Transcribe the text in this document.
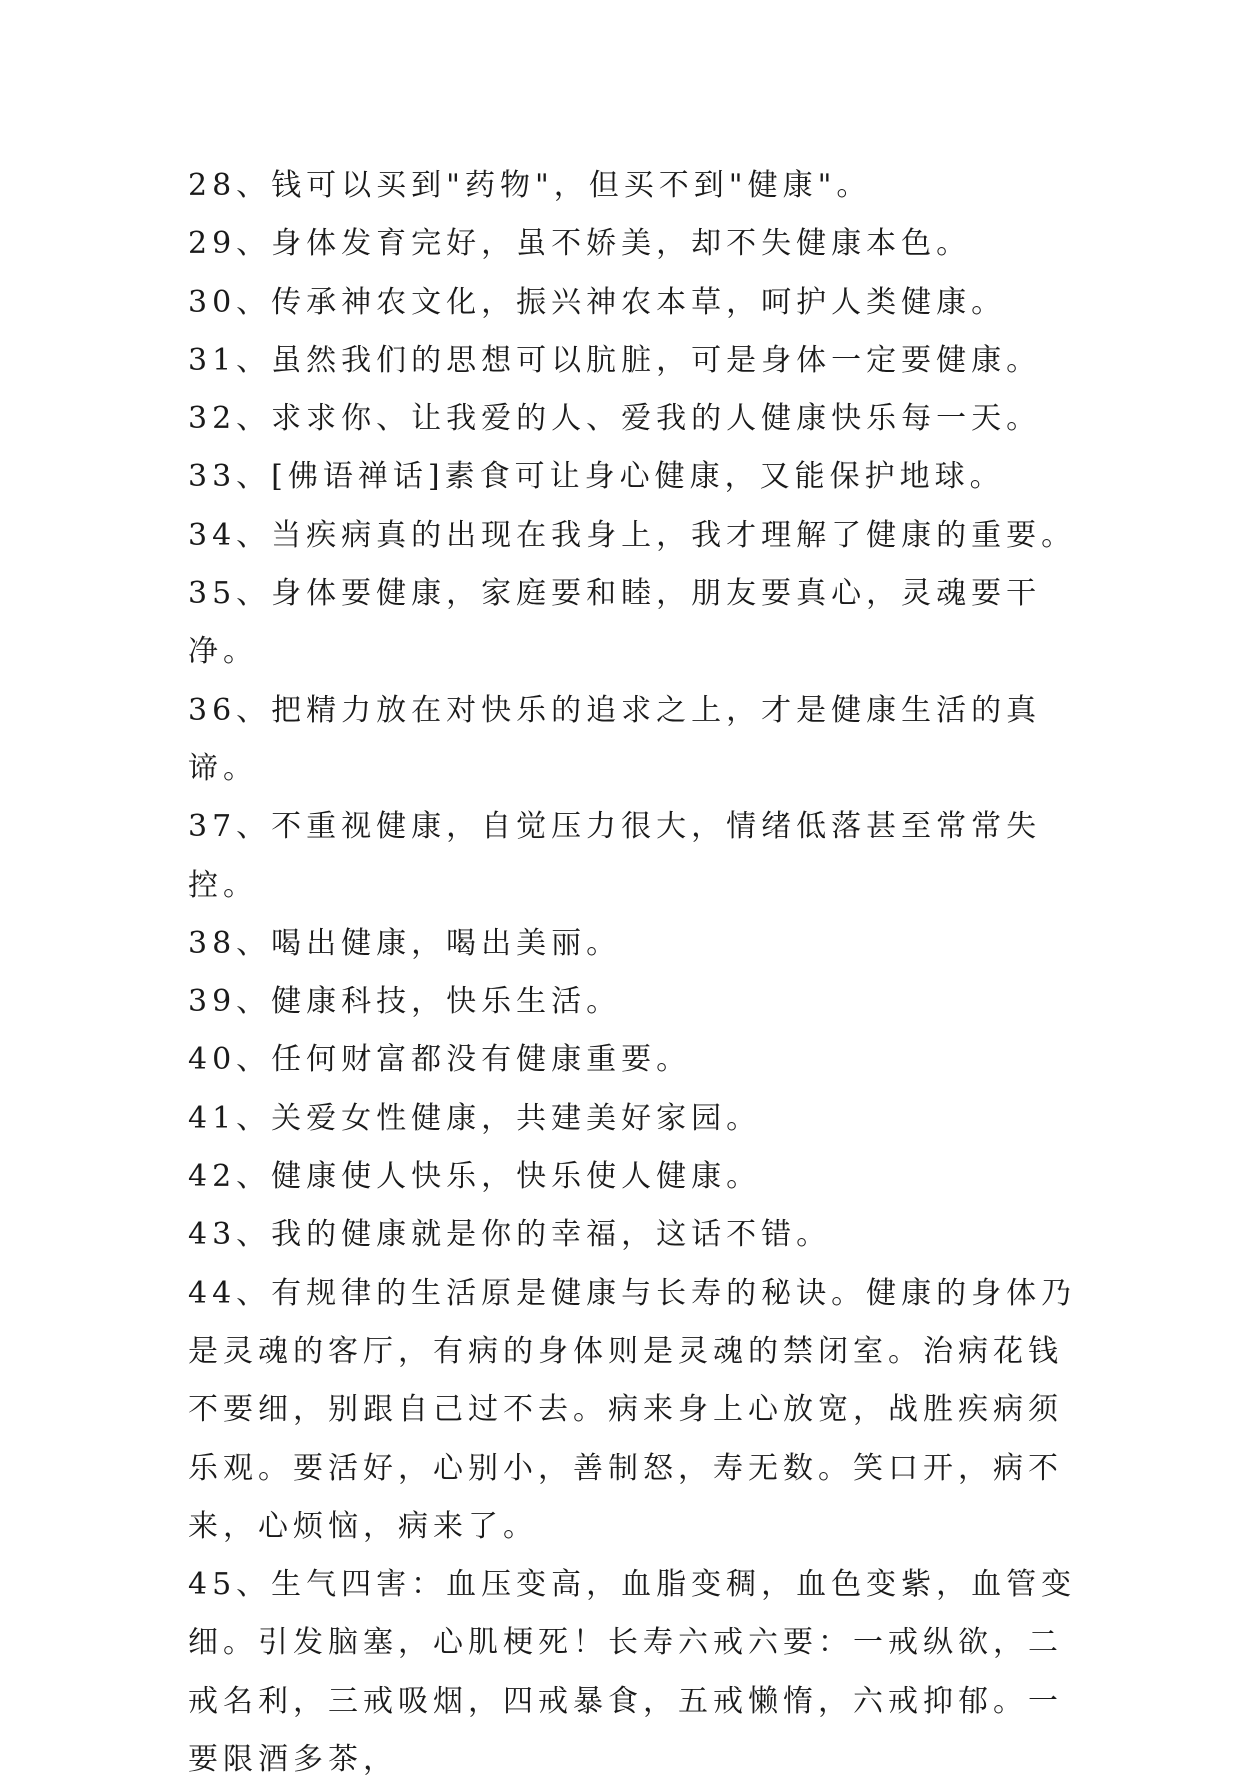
28、钱可以买到"药物"，但买不到"健康"。

29、身体发育完好，虽不娇美，却不失健康本色。

30、传承神农文化，振兴神农本草，呵护人类健康。

31、虽然我们的思想可以肮脏，可是身体一定要健康。

32、求求你、让我爱的人、爱我的人健康快乐每一天。

33、[佛语禅话]素食可让身心健康，又能保护地球。

34、当疾病真的出现在我身上，我才理解了健康的重要。

35、身体要健康，家庭要和睦，朋友要真心，灵魂要干净。

36、把精力放在对快乐的追求之上，才是健康生活的真谛。

37、不重视健康，自觉压力很大，情绪低落甚至常常失控。

38、喝出健康，喝出美丽。

39、健康科技，快乐生活。

40、任何财富都没有健康重要。

41、关爱女性健康，共建美好家园。

42、健康使人快乐，快乐使人健康。

43、我的健康就是你的幸福，这话不错。

44、有规律的生活原是健康与长寿的秘诀。健康的身体乃是灵魂的客厅，有病的身体则是灵魂的禁闭室。治病花钱不要细，别跟自己过不去。病来身上心放宽，战胜疾病须乐观。要活好，心别小，善制怒，寿无数。笑口开，病不来，心烦恼，病来了。

45、生气四害：血压变高，血脂变稠，血色变紫，血管变细。引发脑塞，心肌梗死！长寿六戒六要：一戒纵欲，二戒名利，三戒吸烟，四戒暴食，五戒懒惰，六戒抑郁。一要限酒多茶，
